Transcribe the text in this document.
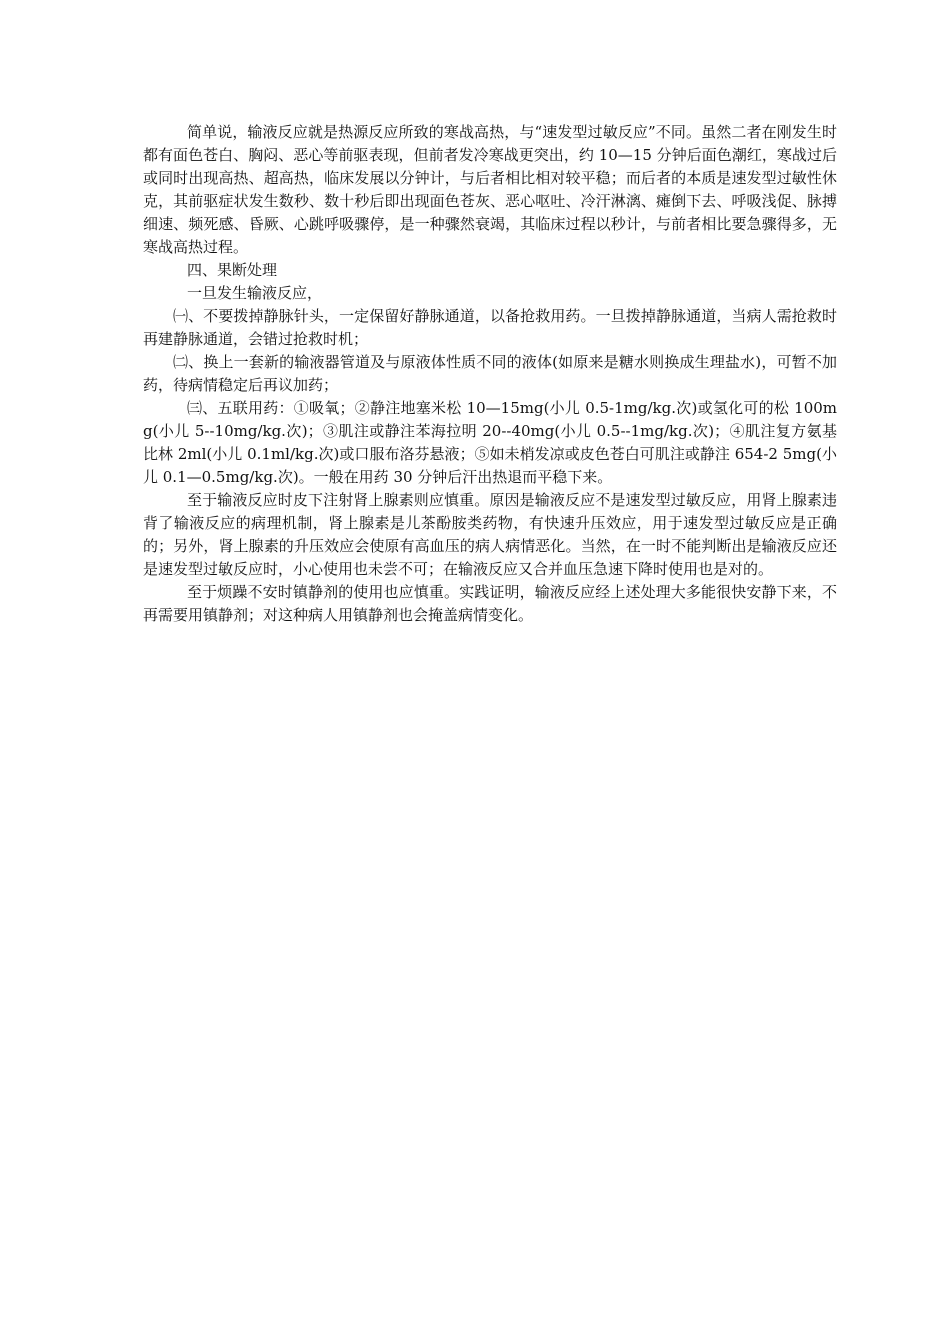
简单说，输液反应就是热源反应所致的寒战高热，与“速发型过敏反应”不同。虽然二者在刚发生时都有面色苍白、胸闷、恶心等前驱表现，但前者发冷寒战更突出，约 10—15 分钟后面色潮红，寒战过后或同时出现高热、超高热，临床发展以分钟计，与后者相比相对较平稳；而后者的本质是速发型过敏性休克，其前驱症状发生数秒、数十秒后即出现面色苍灰、恶心呕吐、冷汗淋漓、瘫倒下去、呼吸浅促、脉搏细速、频死感、昏厥、心跳呼吸骤停，是一种骤然衰竭，其临床过程以秒计，与前者相比要急骤得多，无寒战高热过程。

四、果断处理

一旦发生输液反应，

㈠、不要拨掉静脉针头，一定保留好静脉通道，以备抢救用药。一旦拨掉静脉通道，当病人需抢救时再建静脉通道，会错过抢救时机；

㈡、换上一套新的输液器管道及与原液体性质不同的液体(如原来是糖水则换成生理盐水)，可暂不加药，待病情稳定后再议加药；

㈢、五联用药：①吸氧；②静注地塞米松 10—15mg(小儿 0.5-1mg/kg.次)或氢化可的松 100mg(小儿 5--10mg/kg.次)；③肌注或静注苯海拉明 20--40mg(小儿 0.5--1mg/kg.次)；④肌注复方氨基比林 2ml(小儿 0.1ml/kg.次)或口服布洛芬悬液；⑤如未梢发凉或皮色苍白可肌注或静注 654-2 5mg(小儿 0.1—0.5mg/kg.次)。一般在用药 30 分钟后汗出热退而平稳下来。

至于输液反应时皮下注射肾上腺素则应慎重。原因是输液反应不是速发型过敏反应，用肾上腺素违背了输液反应的病理机制，肾上腺素是儿茶酚胺类药物，有快速升压效应，用于速发型过敏反应是正确的；另外，肾上腺素的升压效应会使原有高血压的病人病情恶化。当然，在一时不能判断出是输液反应还是速发型过敏反应时，小心使用也未尝不可；在输液反应又合并血压急速下降时使用也是对的。

至于烦躁不安时镇静剂的使用也应慎重。实践证明，输液反应经上述处理大多能很快安静下来，不再需要用镇静剂；对这种病人用镇静剂也会掩盖病情变化。
